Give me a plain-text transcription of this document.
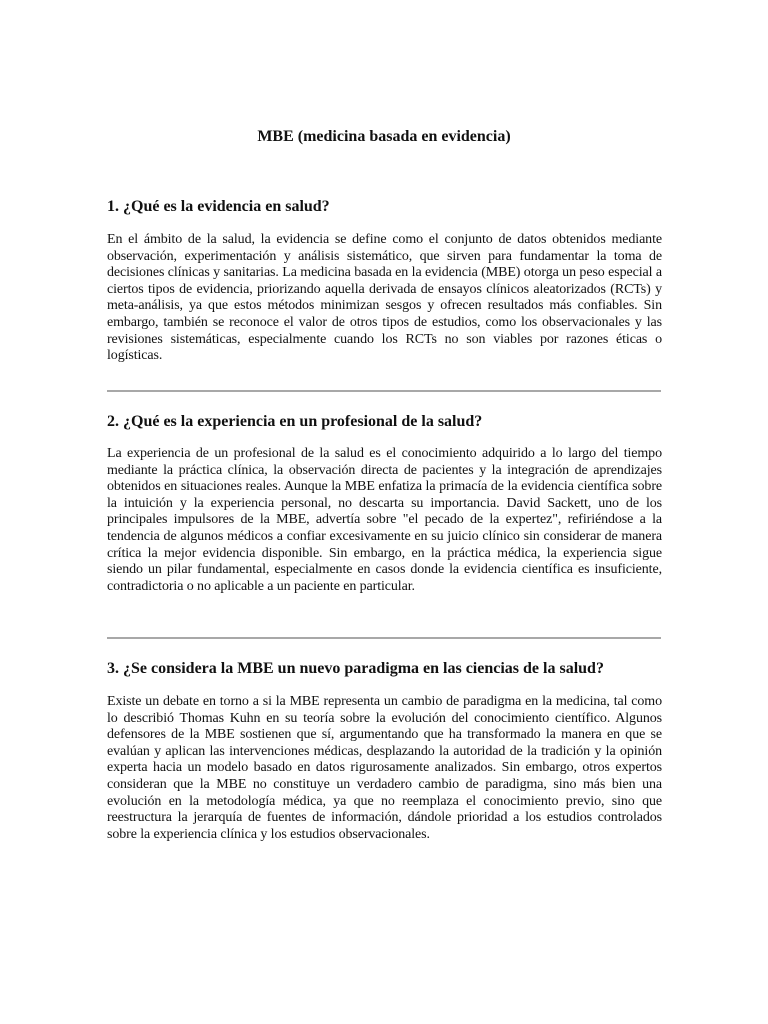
MBE (medicina basada en evidencia)
1. ¿Qué es la evidencia en salud?

En el ámbito de la salud, la evidencia se define como el conjunto de datos obtenidos mediante observación, experimentación y análisis sistemático, que sirven para fundamentar la toma de decisiones clínicas y sanitarias. La medicina basada en la evidencia (MBE) otorga un peso especial a ciertos tipos de evidencia, priorizando aquella derivada de ensayos clínicos aleatorizados (RCTs) y meta-análisis, ya que estos métodos minimizan sesgos y ofrecen resultados más confiables. Sin embargo, también se reconoce el valor de otros tipos de estudios, como los observacionales y las revisiones sistemáticas, especialmente cuando los RCTs no son viables por razones éticas o logísticas.

2. ¿Qué es la experiencia en un profesional de la salud?

La experiencia de un profesional de la salud es el conocimiento adquirido a lo largo del tiempo mediante la práctica clínica, la observación directa de pacientes y la integración de aprendizajes obtenidos en situaciones reales. Aunque la MBE enfatiza la primacía de la evidencia científica sobre la intuición y la experiencia personal, no descarta su importancia. David Sackett, uno de los principales impulsores de la MBE, advertía sobre "el pecado de la expertez", refiriéndose a la tendencia de algunos médicos a confiar excesivamente en su juicio clínico sin considerar de manera crítica la mejor evidencia disponible. Sin embargo, en la práctica médica, la experiencia sigue siendo un pilar fundamental, especialmente en casos donde la evidencia científica es insuficiente, contradictoria o no aplicable a un paciente en particular.

3. ¿Se considera la MBE un nuevo paradigma en las ciencias de la salud?

Existe un debate en torno a si la MBE representa un cambio de paradigma en la medicina, tal como lo describió Thomas Kuhn en su teoría sobre la evolución del conocimiento científico. Algunos defensores de la MBE sostienen que sí, argumentando que ha transformado la manera en que se evalúan y aplican las intervenciones médicas, desplazando la autoridad de la tradición y la opinión experta hacia un modelo basado en datos rigurosamente analizados. Sin embargo, otros expertos consideran que la MBE no constituye un verdadero cambio de paradigma, sino más bien una evolución en la metodología médica, ya que no reemplaza el conocimiento previo, sino que reestructura la jerarquía de fuentes de información, dándole prioridad a los estudios controlados sobre la experiencia clínica y los estudios observacionales.
